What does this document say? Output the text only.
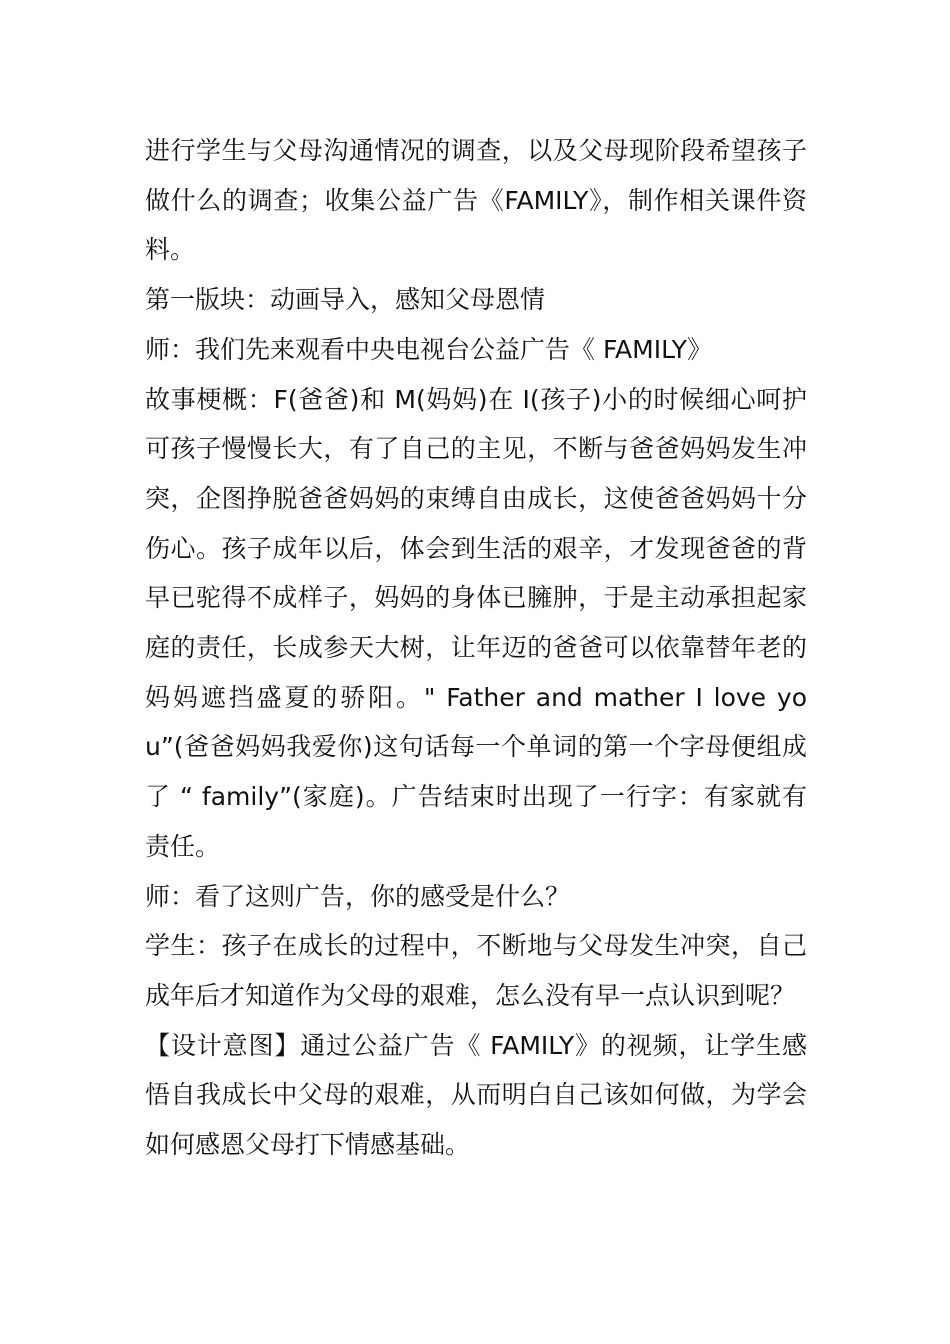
进行学生与父母沟通情况的调查，以及父母现阶段希望孩子做什么的调查；收集公益广告《FAMILY》，制作相关课件资料。

第一版块：动画导入，感知父母恩情

师：我们先来观看中央电视台公益广告《 FAMILY》

故事梗概：F(爸爸)和 M(妈妈)在 I(孩子)小的时候细心呵护可孩子慢慢长大，有了自己的主见，不断与爸爸妈妈发生冲突，企图挣脱爸爸妈妈的束缚自由成长，这使爸爸妈妈十分伤心。孩子成年以后，体会到生活的艰辛，才发现爸爸的背早已驼得不成样子，妈妈的身体已臃肿，于是主动承担起家庭的责任，长成参天大树，让年迈的爸爸可以依靠替年老的妈妈遮挡盛夏的骄阳。" Father and mather I love you”(爸爸妈妈我爱你)这句话每一个单词的第一个字母便组成了 “ family”(家庭)。广告结束时出现了一行字：有家就有责任。

师：看了这则广告，你的感受是什么？

学生：孩子在成长的过程中，不断地与父母发生冲突，自己成年后才知道作为父母的艰难，怎么没有早一点认识到呢？

【设计意图】通过公益广告《 FAMILY》的视频，让学生感悟自我成长中父母的艰难，从而明白自己该如何做，为学会如何感恩父母打下情感基础。
